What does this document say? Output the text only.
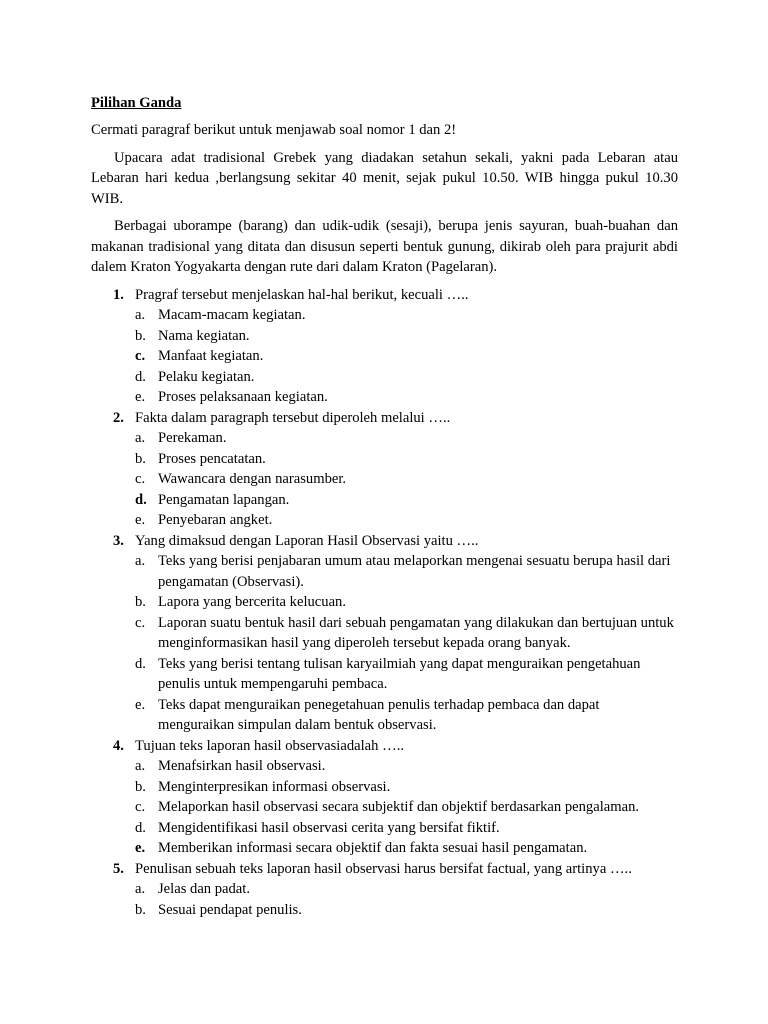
Pilihan Ganda

Cermati paragraf berikut untuk menjawab soal nomor 1 dan 2!

Upacara adat tradisional Grebek yang diadakan setahun sekali, yakni pada Lebaran atau Lebaran hari kedua ,berlangsung sekitar 40 menit, sejak pukul 10.50. WIB hingga pukul 10.30 WIB.

Berbagai uborampe (barang) dan udik-udik (sesaji), berupa jenis sayuran, buah-buahan dan makanan tradisional yang ditata dan disusun seperti bentuk gunung, dikirab oleh para prajurit abdi dalem Kraton Yogyakarta dengan rute dari dalam Kraton (Pagelaran).

1. Pragraf tersebut menjelaskan hal-hal berikut, kecuali …..
a. Macam-macam kegiatan.
b. Nama kegiatan.
c. Manfaat kegiatan.
d. Pelaku kegiatan.
e. Proses pelaksanaan kegiatan.
2. Fakta dalam paragraph tersebut diperoleh melalui …..
a. Perekaman.
b. Proses pencatatan.
c. Wawancara dengan narasumber.
d. Pengamatan lapangan.
e. Penyebaran angket.
3. Yang dimaksud dengan Laporan Hasil Observasi yaitu …..
a. Teks yang berisi penjabaran umum atau melaporkan mengenai sesuatu berupa hasil dari pengamatan (Observasi).
b. Lapora yang bercerita kelucuan.
c. Laporan suatu bentuk hasil dari sebuah pengamatan yang dilakukan dan bertujuan untuk menginformasikan hasil yang diperoleh tersebut kepada orang banyak.
d. Teks yang berisi tentang tulisan karyailmiah yang dapat menguraikan pengetahuan penulis untuk mempengaruhi pembaca.
e. Teks dapat menguraikan penegetahuan penulis terhadap pembaca dan dapat menguraikan simpulan dalam bentuk observasi.
4. Tujuan teks laporan hasil observasiadalah …..
a. Menafsirkan hasil observasi.
b. Menginterpresikan informasi observasi.
c. Melaporkan hasil observasi secara subjektif dan objektif berdasarkan pengalaman.
d. Mengidentifikasi hasil observasi cerita yang bersifat fiktif.
e. Memberikan informasi secara objektif dan fakta sesuai hasil pengamatan.
5. Penulisan sebuah teks laporan hasil observasi harus bersifat factual, yang artinya …..
a. Jelas dan padat.
b. Sesuai pendapat penulis.
